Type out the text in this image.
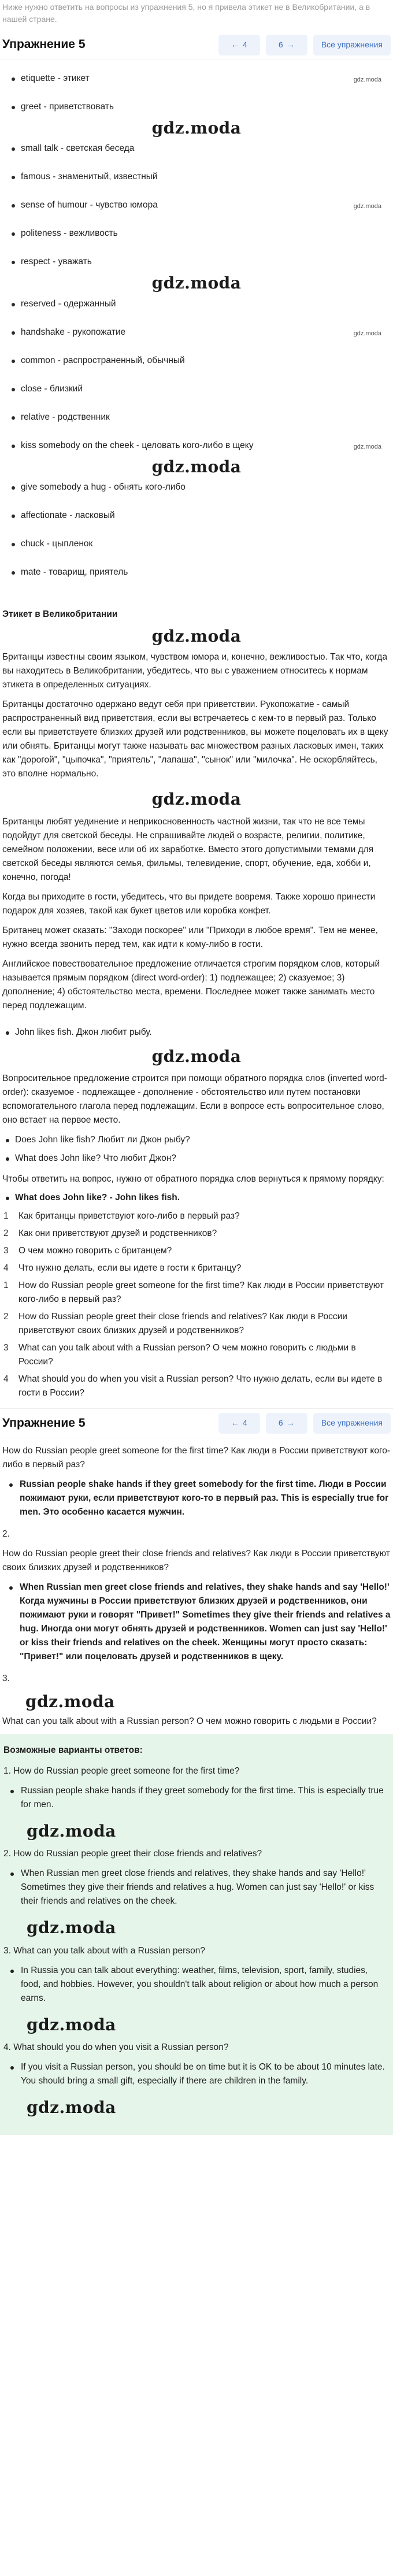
Ниже нужно ответить на вопросы из упражнения 5, но я привела этикет не в Великобритании, а в нашей стране.
Упражнение 5	← 4	6 →	Все упражнения
etiquette - этикет	gdz.moda
greet - приветствовать
gdz.moda
small talk - светская беседа
famous - знаменитый, известный
sense of humour - чувство юмора	gdz.moda
politeness - вежливость
respect - уважать
gdz.moda
reserved - одержанный
handshake - рукопожатие	gdz.moda
common - распространенный, обычный
close - близкий
relative - родственник
kiss somebody on the cheek - целовать кого-либо в щеку	gdz.moda
gdz.moda
give somebody a hug - обнять кого-либо
affectionate - ласковый
chuck - цыпленок
mate - товарищ, приятель

Этикет в Великобритании

gdz.moda

Британцы известны своим языком, чувством юмора и, конечно, вежливостью. Так что, когда вы находитесь в Великобритании, убедитесь, что вы с уважением относитесь к нормам этикета в определенных ситуациях.

Британцы достаточно одержано ведут себя при приветствии. Рукопожатие - самый распространенный вид приветствия, если вы встречаетесь с кем-то в первый раз. Только если вы приветствуете близких друзей или родственников, вы можете поцеловать их в щеку или обнять. Британцы могут также называть вас множеством разных ласковых имен, таких как "дорогой", "цыпочка", "приятель", "лапаша", "сынок" или "милочка". Не оскорбляйтесь, это вполне нормально.

gdz.moda

Британцы любят уединение и неприкосновенность частной жизни, так что не все темы подойдут для светской беседы. Не спрашивайте людей о возрасте, религии, политике, семейном положении, весе или об их заработке. Вместо этого допустимыми темами для светской беседы являются семья, фильмы, телевидение, спорт, обучение, еда, хобби и, конечно, погода!

Когда вы приходите в гости, убедитесь, что вы придете вовремя. Также хорошо принести подарок для хозяев, такой как букет цветов или коробка конфет.

Британец может сказать: "Заходи поскорее" или "Приходи в любое время". Тем не менее, нужно всегда звонить перед тем, как идти к кому-либо в гости.

Английское повествовательное предложение отличается строгим порядком слов, который называется прямым порядком (direct word-order): 1) подлежащее; 2) сказуемое; 3) дополнение; 4) обстоятельство места, времени. Последнее может также занимать место перед подлежащим.

John likes fish. Джон любит рыбу.
gdz.moda

Вопросительное предложение строится при помощи обратного порядка слов (inverted word-order): сказуемое - подлежащее - дополнение - обстоятельство или путем постановки вспомогательного глагола перед подлежащим. Если в вопросе есть вопросительное слово, оно встает на первое место.

Does John like fish? Любит ли Джон рыбу?
What does John like? Что любит Джон?

Чтобы ответить на вопрос, нужно от обратного порядка слов вернуться к прямому порядку:

What does John like? - John likes fish.
1	Как британцы приветствуют кого-либо в первый раз?
2	Как они приветствуют друзей и родственников?
3	О чем можно говорить с британцем?
4	Что нужно делать, если вы идете в гости к британцу?
1	How do Russian people greet someone for the first time? Как люди в России приветствуют кого-либо в первый раз?
2	How do Russian people greet their close friends and relatives? Как люди в России приветствуют своих близких друзей и родственников?
3	What can you talk about with a Russian person? О чем можно говорить с людьми в России?
4	What should you do when you visit a Russian person? Что нужно делать, если вы идете в гости в России?
Упражнение 5	← 4	6 →	Все упражнения

How do Russian people greet someone for the first time? Как люди в России приветствуют кого-либо в первый раз?

Russian people shake hands if they greet somebody for the first time. Люди в России пожимают руки, если приветствуют кого-то в первый раз. This is especially true for men. Это особенно касается мужчин.

2.

How do Russian people greet their close friends and relatives? Как люди в России приветствуют своих близких друзей и родственников?

When Russian men greet close friends and relatives, they shake hands and say 'Hello!' Когда мужчины в России приветствуют близких друзей и родственников, они пожимают руки и говорят "Привет!" Sometimes they give their friends and relatives a hug. Иногда они могут обнять друзей и родственников. Women can just say 'Hello!' or kiss their friends and relatives on the cheek. Женщины могут просто сказать: "Привет!" или поцеловать друзей и родственников в щеку.

3.

gdz.moda

What can you talk about with a Russian person? О чем можно говорить с людьми в России?

Возможные варианты ответов:
1. How do Russian people greet someone for the first time?
Russian people shake hands if they greet somebody for the first time. This is especially true for men.
gdz.moda
2. How do Russian people greet their close friends and relatives?
When Russian men greet close friends and relatives, they shake hands and say 'Hello!' Sometimes they give their friends and relatives a hug. Women can just say 'Hello!' or kiss their friends and relatives on the cheek.
gdz.moda
3. What can you talk about with a Russian person?
In Russia you can talk about everything: weather, films, television, sport, family, studies, food, and hobbies. However, you shouldn't talk about religion or about how much a person earns.
gdz.moda
4. What should you do when you visit a Russian person?
If you visit a Russian person, you should be on time but it is OK to be about 10 minutes late. You should bring a small gift, especially if there are children in the family.
gdz.moda
